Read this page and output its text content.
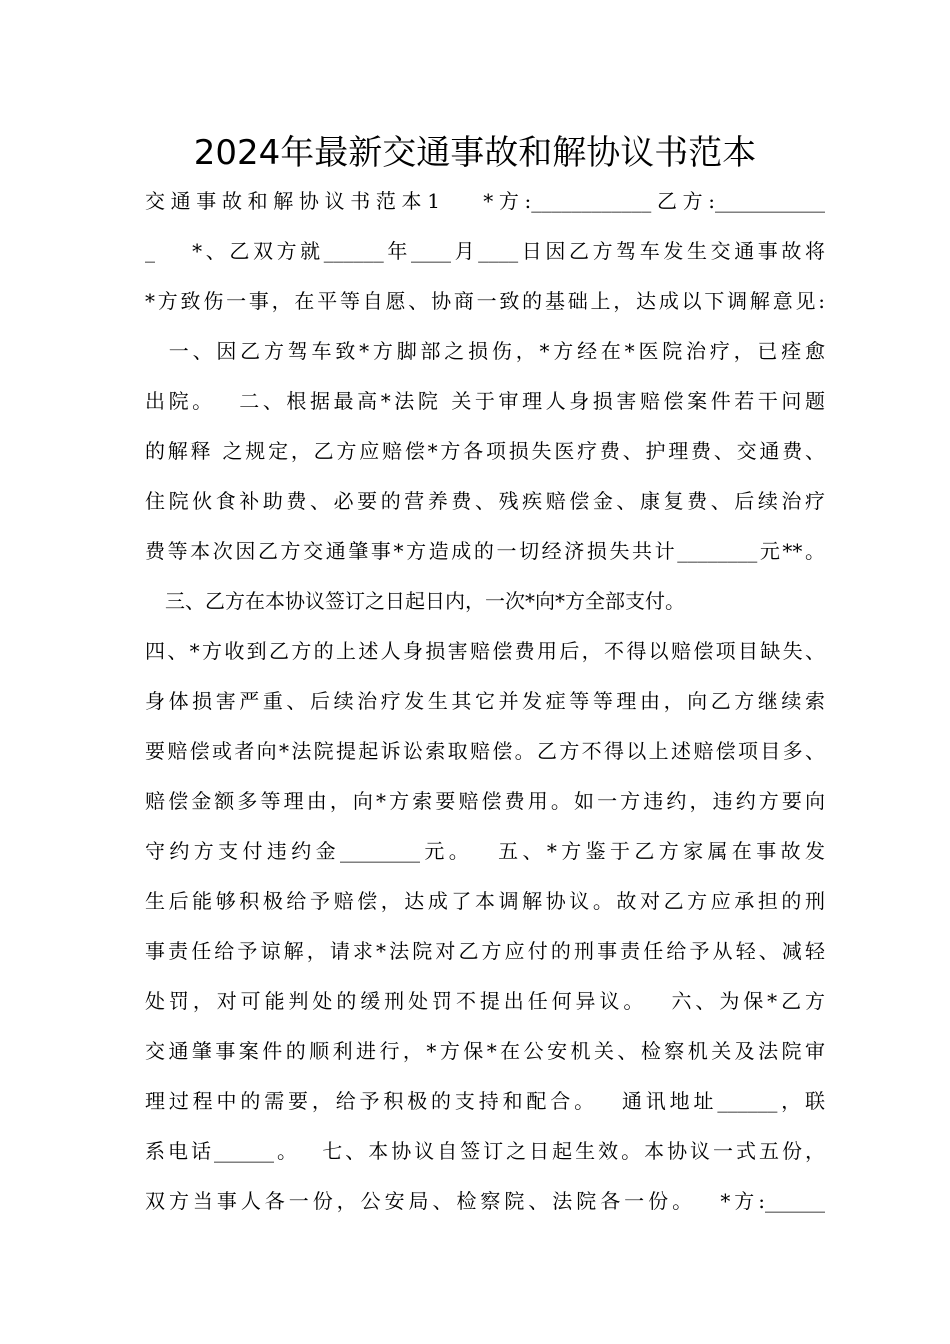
2024年最新交通事故和解协议书范本
交通事故和解协议书范本1　 *方:____________乙方:___________
_　 *、乙双方就______年____月____日因乙方驾车发生交通事故将
*方致伤一事，在平等自愿、协商一致的基础上，达成以下调解意见:
　一、因乙方驾车致*方脚部之损伤，*方经在*医院治疗，已痊愈
出院。　 二、根据最高*法院 关于审理人身损害赔偿案件若干问题
的解释 之规定，乙方应赔偿*方各项损失医疗费、护理费、交通费、
住院伙食补助费、必要的营养费、残疾赔偿金、康复费、后续治疗
费等本次因乙方交通肇事*方造成的一切经济损失共计________元**。
　三、乙方在本协议签订之日起日内，一次*向*方全部支付。
四、*方收到乙方的上述人身损害赔偿费用后，不得以赔偿项目缺失、
身体损害严重、后续治疗发生其它并发症等等理由，向乙方继续索
要赔偿或者向*法院提起诉讼索取赔偿。乙方不得以上述赔偿项目多、
赔偿金额多等理由，向*方索要赔偿费用。如一方违约，违约方要向
守约方支付违约金________元。　 五、*方鉴于乙方家属在事故发
生后能够积极给予赔偿，达成了本调解协议。故对乙方应承担的刑
事责任给予谅解，请求*法院对乙方应付的刑事责任给予从轻、减轻
处罚，对可能判处的缓刑处罚不提出任何异议。　 六、为保*乙方
交通肇事案件的顺利进行，*方保*在公安机关、检察机关及法院审
理过程中的需要，给予积极的支持和配合。　 通讯地址______，联
系电话______。　 七、本协议自签订之日起生效。本协议一式五份，
双方当事人各一份，公安局、检察院、法院各一份。　 *方:______
